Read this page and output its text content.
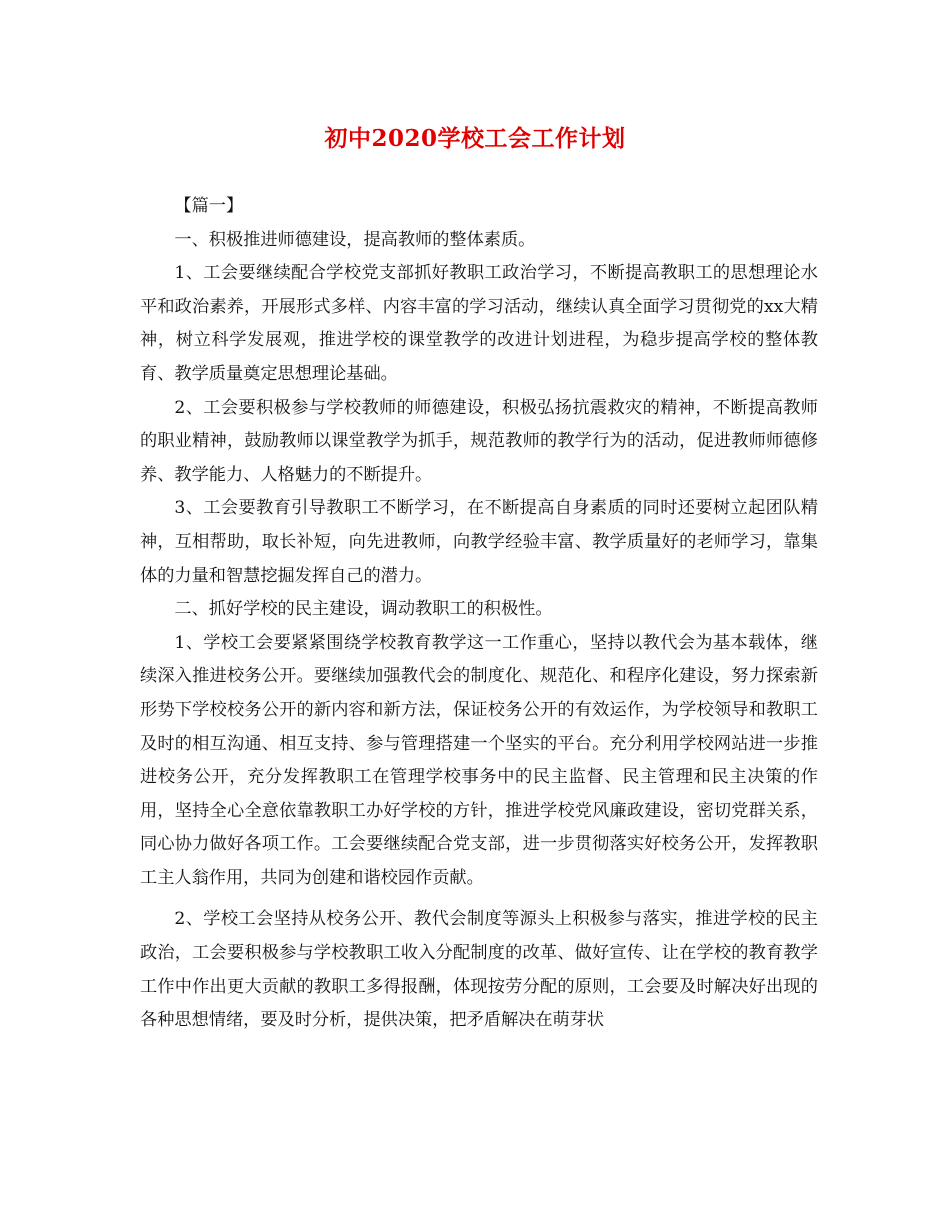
初中2020学校工会工作计划

【篇一】

一、积极推进师德建设，提高教师的整体素质。

1、工会要继续配合学校党支部抓好教职工政治学习，不断提高教职工的思想理论水平和政治素养，开展形式多样、内容丰富的学习活动，继续认真全面学习贯彻党的xx大精神，树立科学发展观，推进学校的课堂教学的改进计划进程，为稳步提高学校的整体教育、教学质量奠定思想理论基础。

2、工会要积极参与学校教师的师德建设，积极弘扬抗震救灾的精神，不断提高教师的职业精神，鼓励教师以课堂教学为抓手，规范教师的教学行为的活动，促进教师师德修养、教学能力、人格魅力的不断提升。

3、工会要教育引导教职工不断学习，在不断提高自身素质的同时还要树立起团队精神，互相帮助，取长补短，向先进教师，向教学经验丰富、教学质量好的老师学习，靠集体的力量和智慧挖掘发挥自己的潜力。

二、抓好学校的民主建设，调动教职工的积极性。

1、学校工会要紧紧围绕学校教育教学这一工作重心，坚持以教代会为基本载体，继续深入推进校务公开。要继续加强教代会的制度化、规范化、和程序化建设，努力探索新形势下学校校务公开的新内容和新方法，保证校务公开的有效运作，为学校领导和教职工及时的相互沟通、相互支持、参与管理搭建一个坚实的平台。充分利用学校网站进一步推进校务公开，充分发挥教职工在管理学校事务中的民主监督、民主管理和民主决策的作用，坚持全心全意依靠教职工办好学校的方针，推进学校党风廉政建设，密切党群关系，同心协力做好各项工作。工会要继续配合党支部，进一步贯彻落实好校务公开，发挥教职工主人翁作用，共同为创建和谐校园作贡献。

2、学校工会坚持从校务公开、教代会制度等源头上积极参与落实，推进学校的民主政治，工会要积极参与学校教职工收入分配制度的改革、做好宣传、让在学校的教育教学工作中作出更大贡献的教职工多得报酬，体现按劳分配的原则，工会要及时解决好出现的各种思想情绪，要及时分析，提供决策，把矛盾解决在萌芽状
